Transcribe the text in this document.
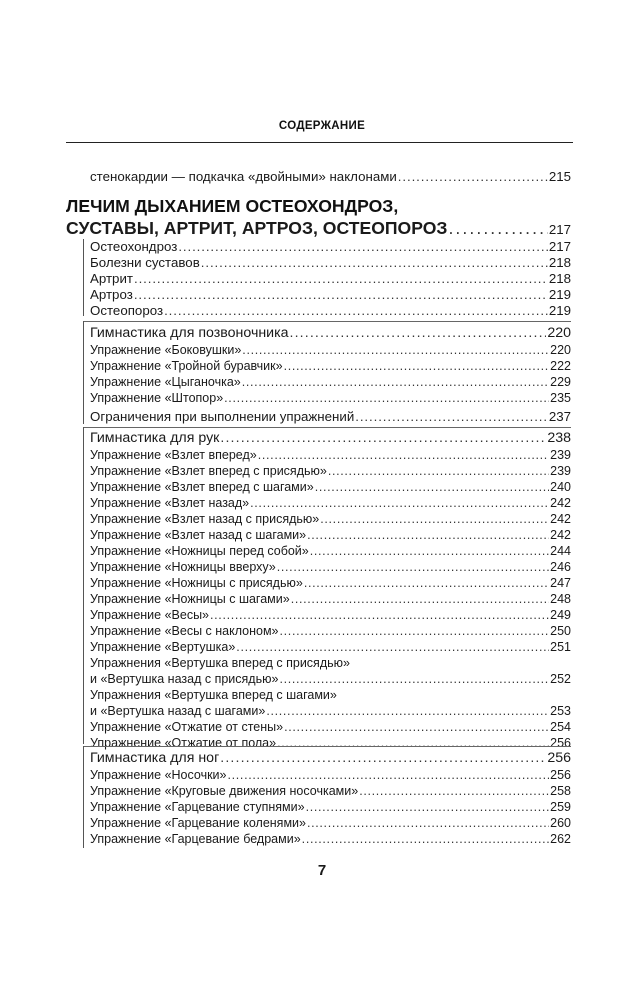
СОДЕРЖАНИЕ
стенокардии — подкачка «двойными» наклонами . . .	215
ЛЕЧИМ ДЫХАНИЕМ ОСТЕОХОНДРОЗ,
СУСТАВЫ, АРТРИТ, АРТРОЗ, ОСТЕОПОРОЗ . . .	217
Остеохондроз . . .	217
Болезни суставов . . .	218
Артрит . . .	218
Артроз . . .	219
Остеопороз . . .	219
Гимнастика для позвоночника . . .	220
Упражнение «Боковушки» . . .	220
Упражнение «Тройной буравчик» . . .	222
Упражнение «Цыганочка» . . .	229
Упражнение «Штопор» . . .	235
Ограничения при выполнении упражнений . . .	237
Гимнастика для рук . . .	238
Упражнение «Взлет вперед» . . .	239
Упражнение «Взлет вперед с присядью» . . .	239
Упражнение «Взлет вперед с шагами» . . .	240
Упражнение «Взлет назад» . . .	242
Упражнение «Взлет назад с присядью» . . .	242
Упражнение «Взлет назад с шагами» . . .	242
Упражнение «Ножницы перед собой» . . .	244
Упражнение «Ножницы вверху» . . .	246
Упражнение «Ножницы с присядью» . . .	247
Упражнение «Ножницы с шагами» . . .	248
Упражнение «Весы» . . .	249
Упражнение «Весы с наклоном» . . .	250
Упражнение «Вертушка» . . .	251
Упражнения «Вертушка вперед с присядью»
и «Вертушка назад с присядью» . . .	252
Упражнения «Вертушка вперед с шагами»
и «Вертушка назад с шагами» . . .	253
Упражнение «Отжатие от стены» . . .	254
Упражнение «Отжатие от пола» . . .	256
Гимнастика для ног . . .	256
Упражнение «Носочки» . . .	256
Упражнение «Круговые движения носочками» . . .	258
Упражнение «Гарцевание ступнями» . . .	259
Упражнение «Гарцевание коленями» . . .	260
Упражнение «Гарцевание бедрами» . . .	262
7
